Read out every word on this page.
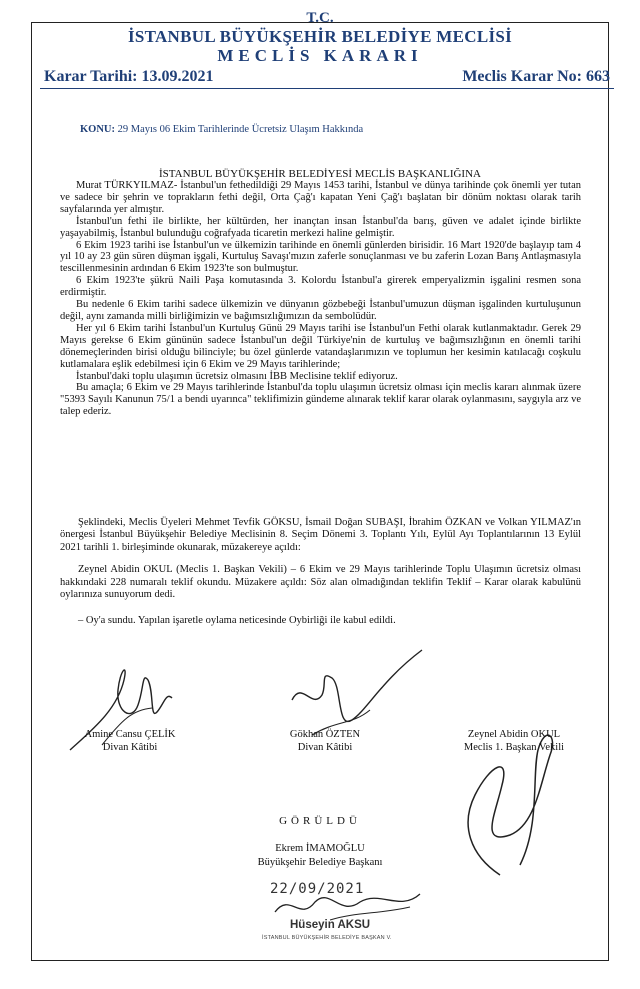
T.C.
İSTANBUL BÜYÜKŞEHİR BELEDİYE MECLİSİ
MECLİS KARARI
Karar Tarihi: 13.09.2021	Meclis Karar No: 663
KONU: 29 Mayıs 06 Ekim Tarihlerinde Ücretsiz Ulaşım Hakkında
İSTANBUL BÜYÜKŞEHİR BELEDİYESİ MECLİS BAŞKANLIĞINA

Murat TÜRKYILMAZ- İstanbul'un fethedildiği 29 Mayıs 1453 tarihi, İstanbul ve dünya tarihinde çok önemli yer tutan ve sadece bir şehrin ve toprakların fethi değil, Orta Çağ'ı kapatan Yeni Çağ'ı başlatan bir dönüm noktası olarak tarih sayfalarında yer almıştır.

İstanbul'un fethi ile birlikte, her kültürden, her inançtan insan İstanbul'da barış, güven ve adalet içinde birlikte yaşayabilmiş, İstanbul bulunduğu coğrafyada ticaretin merkezi haline gelmiştir.

6 Ekim 1923 tarihi ise İstanbul'un ve ülkemizin tarihinde en önemli günlerden birisidir. 16 Mart 1920'de başlayıp tam 4 yıl 10 ay 23 gün süren düşman işgali, Kurtuluş Savaşı'mızın zaferle sonuçlanması ve bu zaferin Lozan Barış Antlaşmasıyla tescillenmesinin ardından 6 Ekim 1923'te son bulmuştur.

6 Ekim 1923'te şükrü Naili Paşa komutasında 3. Kolordu İstanbul'a girerek emperyalizmin işgalini resmen sona erdirmiştir.

Bu nedenle 6 Ekim tarihi sadece ülkemizin ve dünyanın gözbebeği İstanbul'umuzun düşman işgalinden kurtuluşunun değil, aynı zamanda milli birliğimizin ve bağımsızlığımızın da sembolüdür.

Her yıl 6 Ekim tarihi İstanbul'un Kurtuluş Günü 29 Mayıs tarihi ise İstanbul'un Fethi olarak kutlanmaktadır. Gerek 29 Mayıs gerekse 6 Ekim gününün sadece İstanbul'un değil Türkiye'nin de kurtuluş ve bağımsızlığının en önemli tarihi dönemeçlerinden birisi olduğu bilinciyle; bu özel günlerde vatandaşlarımızın ve toplumun her kesimin katılacağı coşkulu kutlamalara eşlik edebilmesi için 6 Ekim ve 29 Mayıs tarihlerinde;

İstanbul'daki toplu ulaşımın ücretsiz olmasını İBB Meclisine teklif ediyoruz.

Bu amaçla; 6 Ekim ve 29 Mayıs tarihlerinde İstanbul'da toplu ulaşımın ücretsiz olması için meclis kararı alınmak üzere "5393 Sayılı Kanunun 75/1 a bendi uyarınca" teklifimizin gündeme alınarak teklif karar olarak oylanmasını, saygıyla arz ve talep ederiz.

Şeklindeki, Meclis Üyeleri Mehmet Tevfik GÖKSU, İsmail Doğan SUBAŞI, İbrahim ÖZKAN ve Volkan YILMAZ'ın önergesi İstanbul Büyükşehir Belediye Meclisinin 8. Seçim Dönemi 3. Toplantı Yılı, Eylül Ayı Toplantılarının 13 Eylül 2021 tarihli 1. birleşiminde okunarak, müzakereye açıldı:

Zeynel Abidin OKUL (Meclis 1. Başkan Vekili) – 6 Ekim ve 29 Mayıs tarihlerinde Toplu Ulaşımın ücretsiz olması hakkındaki 228 numaralı teklif okundu. Müzakere açıldı: Söz alan olmadığından teklifin Teklif – Karar olarak kabulünü oylarınıza sunuyorum dedi.

– Oy'a sundu. Yapılan işaretle oylama neticesinde Oybirliği ile kabul edildi.

Amine Cansu ÇELİK
Divan Kâtibi
Gökhan ÖZTEN
Divan Kâtibi
Zeynel Abidin OKUL
Meclis 1. Başkan Vekili
GÖRÜLDÜ
Ekrem İMAMOĞLU
Büyükşehir Belediye Başkanı
22/09/2021
Hüseyin AKSU
İSTANBUL BÜYÜKŞEHİR BELEDİYE BAŞKAN V.
